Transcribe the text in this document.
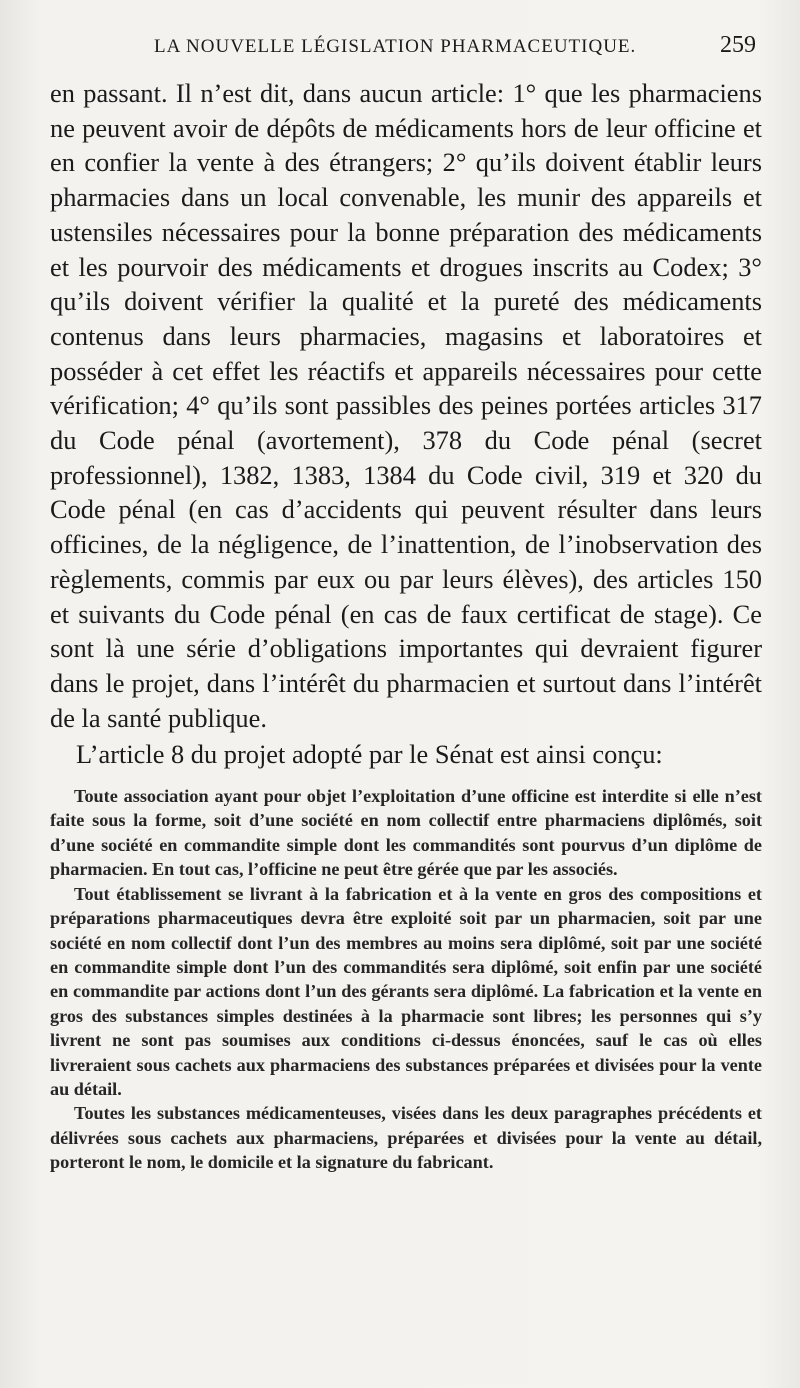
LA NOUVELLE LÉGISLATION PHARMACEUTIQUE.	259

en passant. Il n’est dit, dans aucun article: 1° que les pharmaciens ne peuvent avoir de dépôts de médicaments hors de leur officine et en confier la vente à des étrangers; 2° qu’ils doivent établir leurs pharmacies dans un local convenable, les munir des appareils et ustensiles nécessaires pour la bonne préparation des médicaments et les pourvoir des médicaments et drogues inscrits au Codex; 3° qu’ils doivent vérifier la qualité et la pureté des médicaments contenus dans leurs pharmacies, magasins et laboratoires et posséder à cet effet les réactifs et appareils nécessaires pour cette vérification; 4° qu’ils sont passibles des peines portées articles 317 du Code pénal (avortement), 378 du Code pénal (secret professionnel), 1382, 1383, 1384 du Code civil, 319 et 320 du Code pénal (en cas d’accidents qui peuvent résulter dans leurs officines, de la négligence, de l’inattention, de l’inobservation des règlements, commis par eux ou par leurs élèves), des articles 150 et suivants du Code pénal (en cas de faux certificat de stage). Ce sont là une série d’obligations importantes qui devraient figurer dans le projet, dans l’intérêt du pharmacien et surtout dans l’intérêt de la santé publique.

L’article 8 du projet adopté par le Sénat est ainsi conçu:

Toute association ayant pour objet l’exploitation d’une officine est interdite si elle n’est faite sous la forme, soit d’une société en nom collectif entre pharmaciens diplômés, soit d’une société en commandite simple dont les commandités sont pourvus d’un diplôme de pharmacien. En tout cas, l’officine ne peut être gérée que par les associés.

Tout établissement se livrant à la fabrication et à la vente en gros des compositions et préparations pharmaceutiques devra être exploité soit par un pharmacien, soit par une société en nom collectif dont l’un des membres au moins sera diplômé, soit par une société en commandite simple dont l’un des commandités sera diplômé, soit enfin par une société en commandite par actions dont l’un des gérants sera diplômé. La fabrication et la vente en gros des substances simples destinées à la pharmacie sont libres; les personnes qui s’y livrent ne sont pas soumises aux conditions ci-dessus énoncées, sauf le cas où elles livreraient sous cachets aux pharmaciens des substances préparées et divisées pour la vente au détail.

Toutes les substances médicamenteuses, visées dans les deux paragraphes précédents et délivrées sous cachets aux pharmaciens, préparées et divisées pour la vente au détail, porteront le nom, le domicile et la signature du fabricant.
